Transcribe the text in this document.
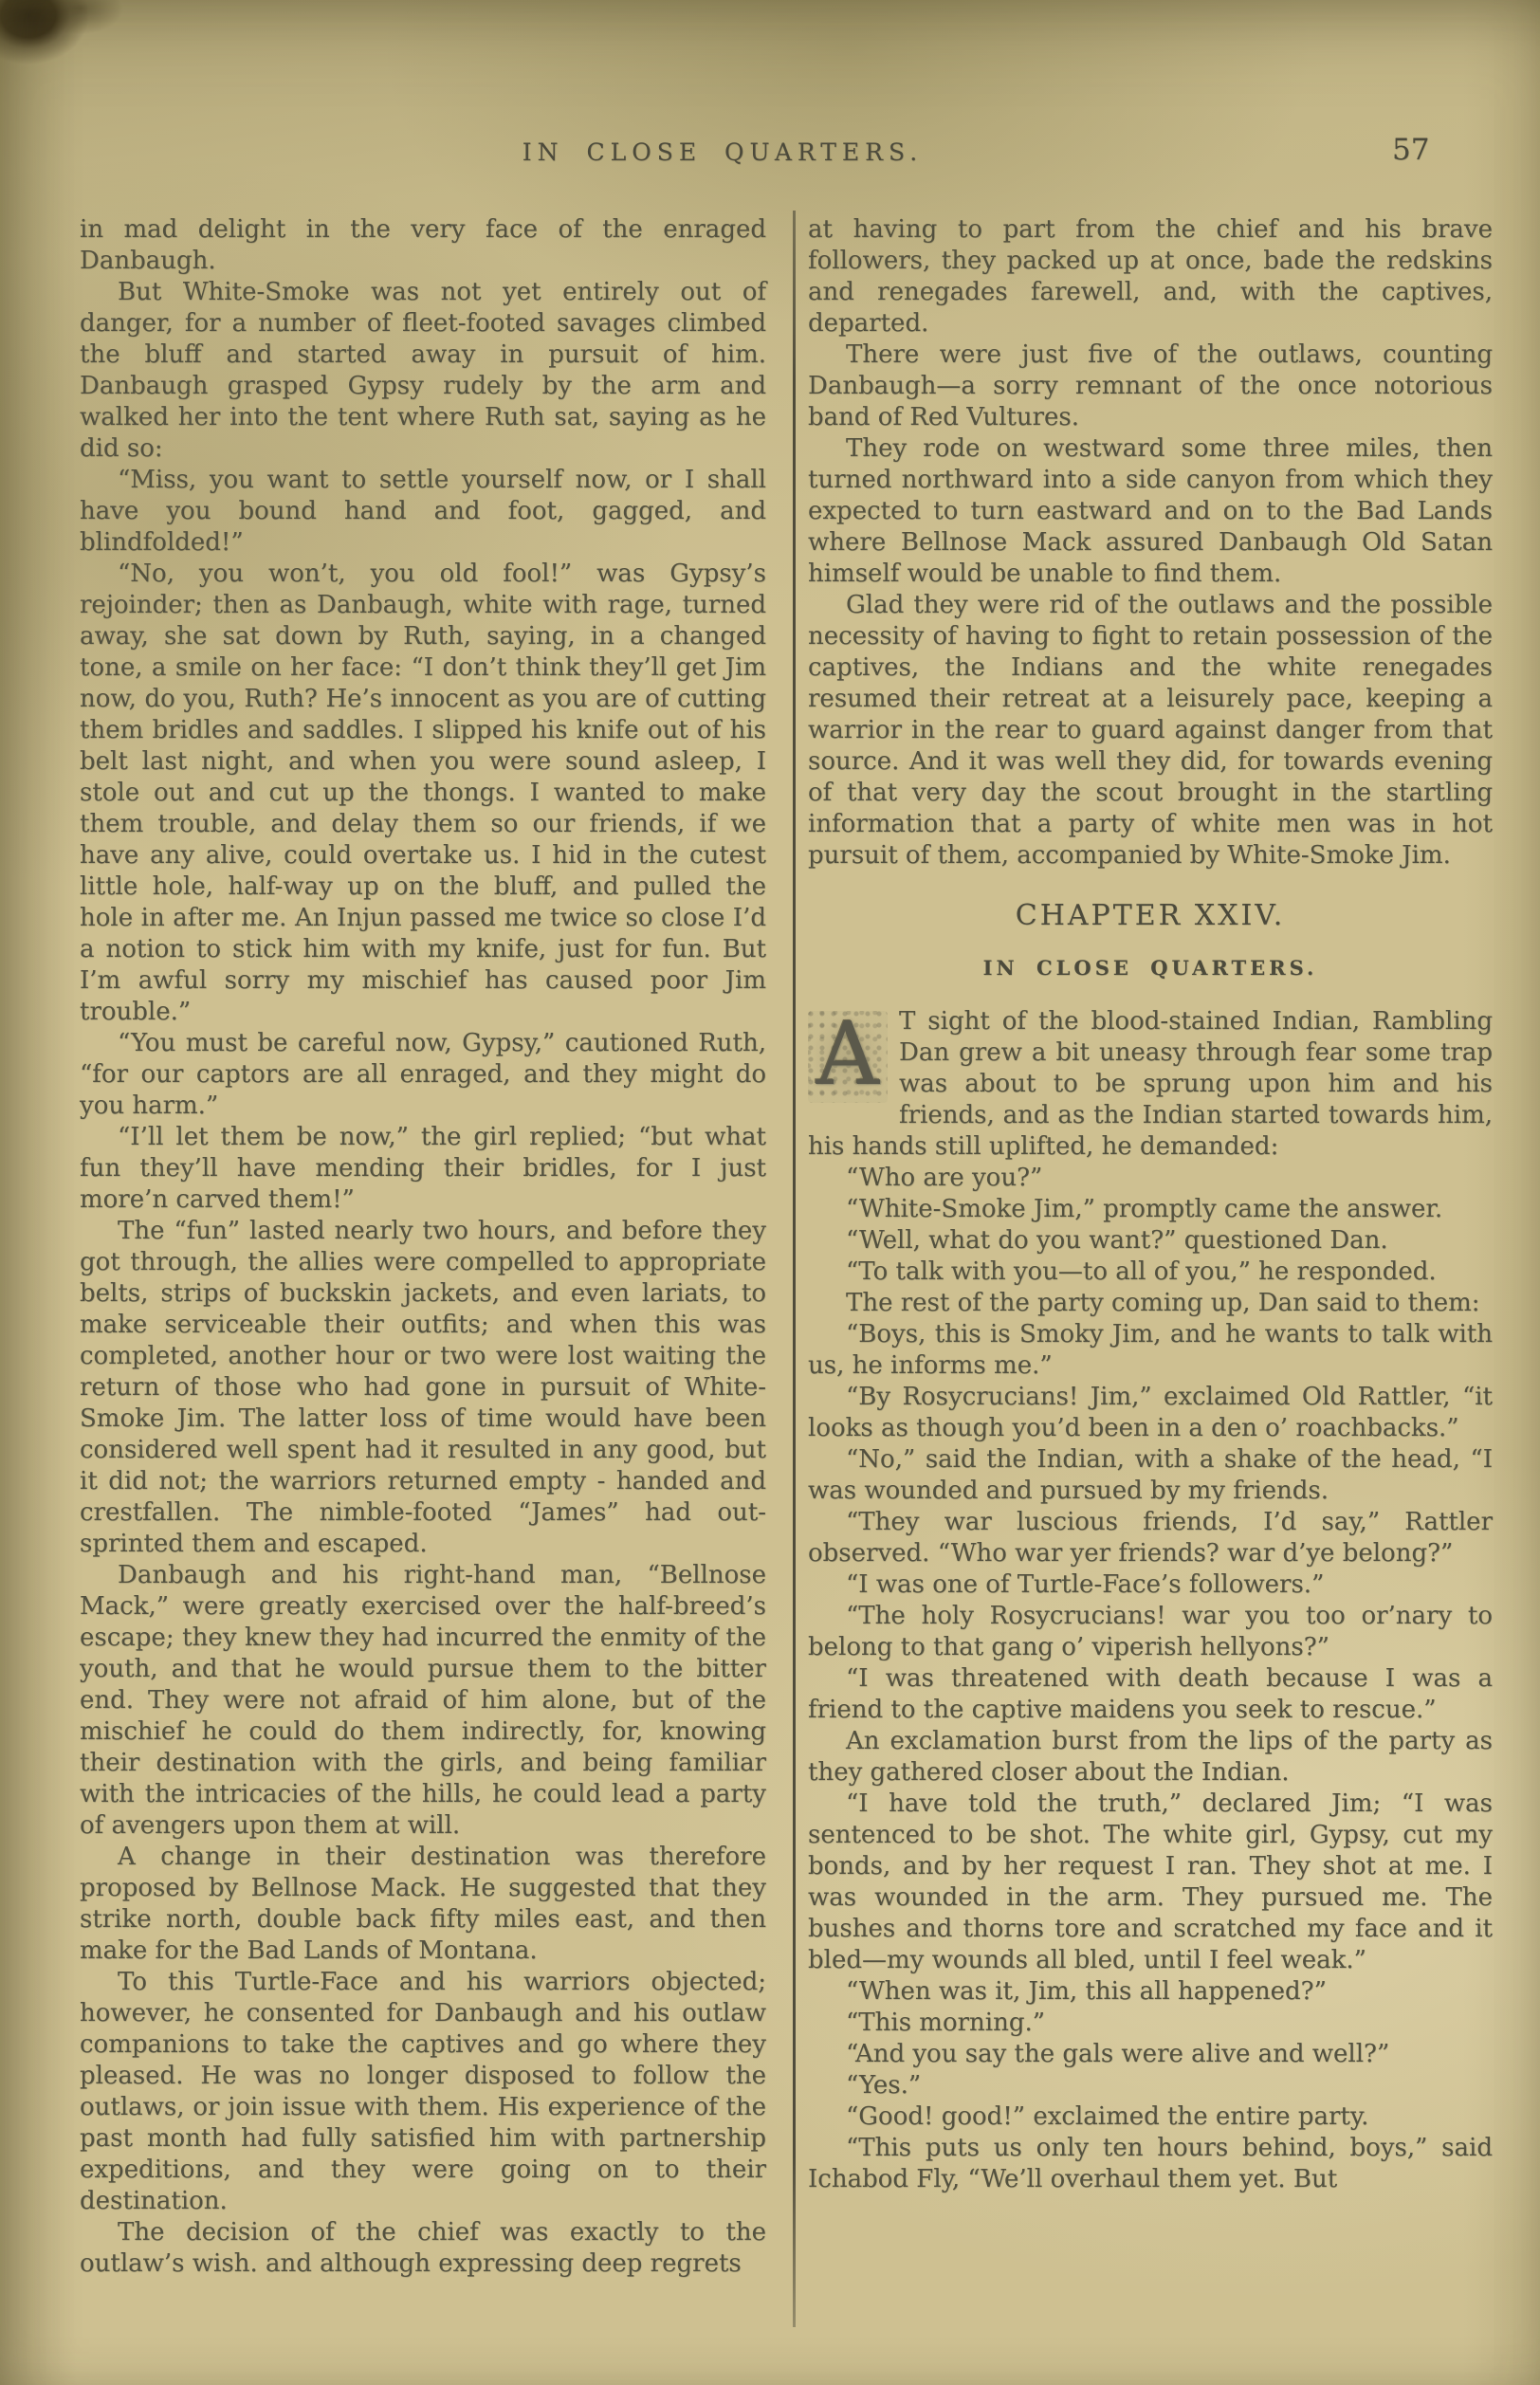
IN CLOSE QUARTERS.	57

in mad delight in the very face of the enraged Danbaugh.

But White-Smoke was not yet entirely out of danger, for a number of fleet-footed savages climbed the bluff and started away in pursuit of him. Danbaugh grasped Gypsy rudely by the arm and walked her into the tent where Ruth sat, saying as he did so:

“Miss, you want to settle yourself now, or I shall have you bound hand and foot, gagged, and blindfolded!”

“No, you won’t, you old fool!” was Gypsy’s rejoinder; then as Danbaugh, white with rage, turned away, she sat down by Ruth, saying, in a changed tone, a smile on her face: “I don’t think they’ll get Jim now, do you, Ruth? He’s innocent as you are of cutting them bridles and saddles. I slipped his knife out of his belt last night, and when you were sound asleep, I stole out and cut up the thongs. I wanted to make them trouble, and delay them so our friends, if we have any alive, could overtake us. I hid in the cutest little hole, half-way up on the bluff, and pulled the hole in after me. An Injun passed me twice so close I’d a notion to stick him with my knife, just for fun. But I’m awful sorry my mischief has caused poor Jim trouble.”

“You must be careful now, Gypsy,” cautioned Ruth, “for our captors are all enraged, and they might do you harm.”

“I’ll let them be now,” the girl replied; “but what fun they’ll have mending their bridles, for I just more’n carved them!”

The “fun” lasted nearly two hours, and before they got through, the allies were compelled to appropriate belts, strips of buckskin jackets, and even lariats, to make serviceable their outfits; and when this was completed, another hour or two were lost waiting the return of those who had gone in pursuit of White-Smoke Jim. The latter loss of time would have been considered well spent had it resulted in any good, but it did not; the warriors returned empty - handed and crestfallen. The nimble-footed “James” had out-sprinted them and escaped.

Danbaugh and his right-hand man, “Bellnose Mack,” were greatly exercised over the half-breed’s escape; they knew they had incurred the enmity of the youth, and that he would pursue them to the bitter end. They were not afraid of him alone, but of the mischief he could do them indirectly, for, knowing their destination with the girls, and being familiar with the intricacies of the hills, he could lead a party of avengers upon them at will.

A change in their destination was therefore proposed by Bellnose Mack. He suggested that they strike north, double back fifty miles east, and then make for the Bad Lands of Montana.

To this Turtle-Face and his warriors objected; however, he consented for Danbaugh and his outlaw companions to take the captives and go where they pleased. He was no longer disposed to follow the outlaws, or join issue with them. His experience of the past month had fully satisfied him with partnership expeditions, and they were going on to their destination.

The decision of the chief was exactly to the outlaw’s wish. and although expressing deep regrets

at having to part from the chief and his brave followers, they packed up at once, bade the redskins and renegades farewell, and, with the captives, departed.

There were just five of the outlaws, counting Danbaugh—a sorry remnant of the once notorious band of Red Vultures.

They rode on westward some three miles, then turned northward into a side canyon from which they expected to turn eastward and on to the Bad Lands where Bellnose Mack assured Danbaugh Old Satan himself would be unable to find them.

Glad they were rid of the outlaws and the possible necessity of having to fight to retain possession of the captives, the Indians and the white renegades resumed their retreat at a leisurely pace, keeping a warrior in the rear to guard against danger from that source. And it was well they did, for towards evening of that very day the scout brought in the startling information that a party of white men was in hot pursuit of them, accompanied by White-Smoke Jim.

CHAPTER XXIV.
IN CLOSE QUARTERS.

A T sight of the blood-stained Indian, Rambling Dan grew a bit uneasy through fear some trap was about to be sprung upon him and his friends, and as the Indian started towards him, his hands still uplifted, he demanded:

“Who are you?”

“White-Smoke Jim,” promptly came the answer.

“Well, what do you want?” questioned Dan.

“To talk with you—to all of you,” he responded.

The rest of the party coming up, Dan said to them:

“Boys, this is Smoky Jim, and he wants to talk with us, he informs me.”

“By Rosycrucians! Jim,” exclaimed Old Rattler, “it looks as though you’d been in a den o’ roachbacks.”

“No,” said the Indian, with a shake of the head, “I was wounded and pursued by my friends.

“They war luscious friends, I’d say,” Rattler observed. “Who war yer friends? war d’ye belong?”

“I was one of Turtle-Face’s followers.”

“The holy Rosycrucians! war you too or’nary to belong to that gang o’ viperish hellyons?”

“I was threatened with death because I was a friend to the captive maidens you seek to rescue.”

An exclamation burst from the lips of the party as they gathered closer about the Indian.

“I have told the truth,” declared Jim; “I was sentenced to be shot. The white girl, Gypsy, cut my bonds, and by her request I ran. They shot at me. I was wounded in the arm. They pursued me. The bushes and thorns tore and scratched my face and it bled—my wounds all bled, until I feel weak.”

“When was it, Jim, this all happened?”

“This morning.”

“And you say the gals were alive and well?”

“Yes.”

“Good! good!” exclaimed the entire party.

“This puts us only ten hours behind, boys,” said Ichabod Fly, “We’ll overhaul them yet. But
